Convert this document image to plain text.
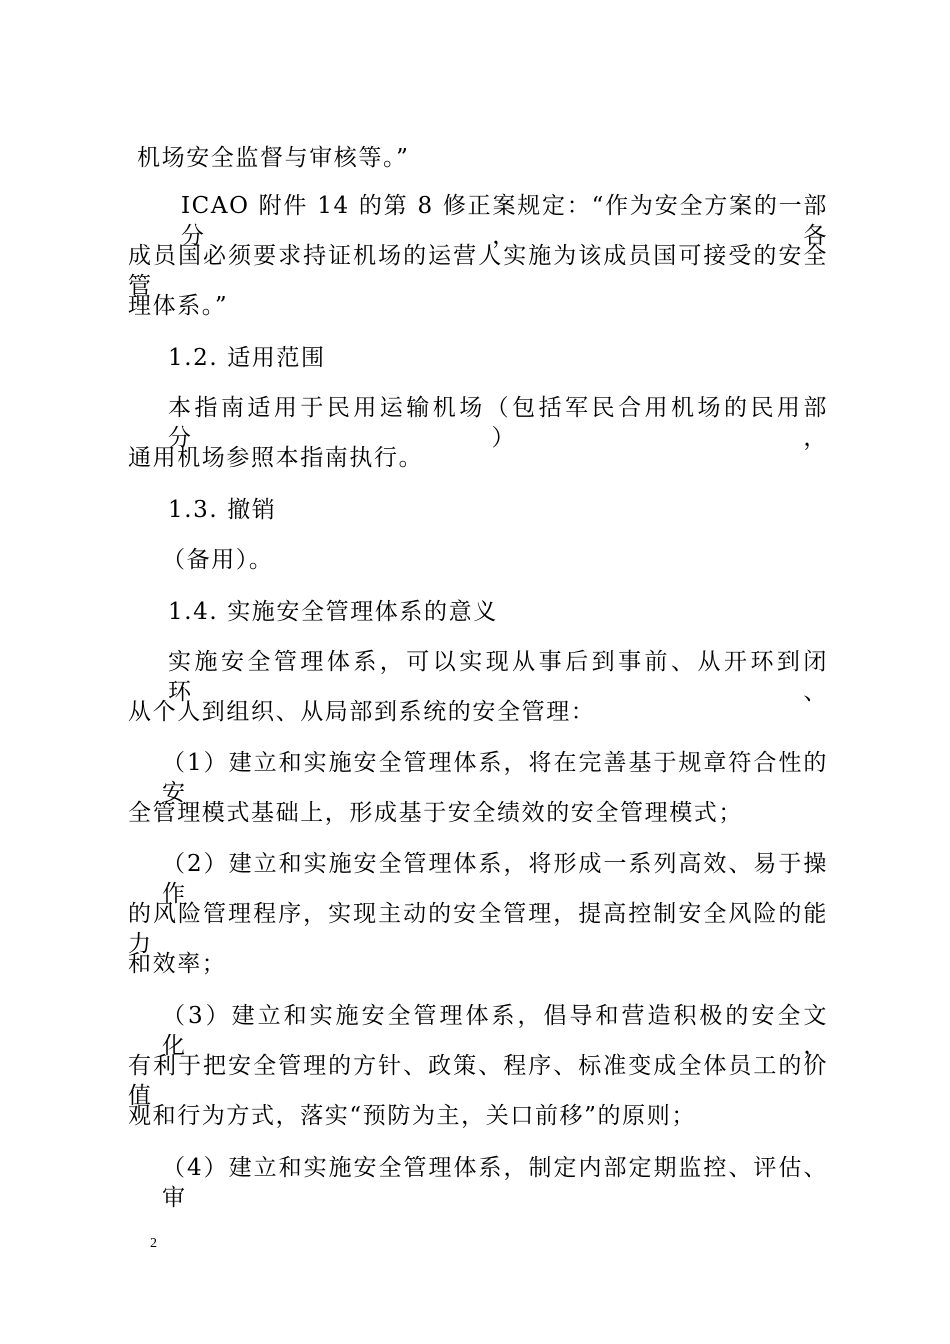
机场安全监督与审核等。”
ICAO 附件 14 的第 8 修正案规定：“作为安全方案的一部分，各
成员国必须要求持证机场的运营人实施为该成员国可接受的安全管
理体系。”
1.2. 适用范围
本指南适用于民用运输机场（包括军民合用机场的民用部分），
通用机场参照本指南执行。
1.3. 撤销
（备用）。
1.4. 实施安全管理体系的意义
实施安全管理体系，可以实现从事后到事前、从开环到闭环、
从个人到组织、从局部到系统的安全管理：
（1）建立和实施安全管理体系，将在完善基于规章符合性的安
全管理模式基础上，形成基于安全绩效的安全管理模式；
（2）建立和实施安全管理体系，将形成一系列高效、易于操作
的风险管理程序，实现主动的安全管理，提高控制安全风险的能力
和效率；
（3）建立和实施安全管理体系，倡导和营造积极的安全文化，
有利于把安全管理的方针、政策、程序、标准变成全体员工的价值
观和行为方式，落实“预防为主，关口前移”的原则；
（4）建立和实施安全管理体系，制定内部定期监控、评估、审
2
